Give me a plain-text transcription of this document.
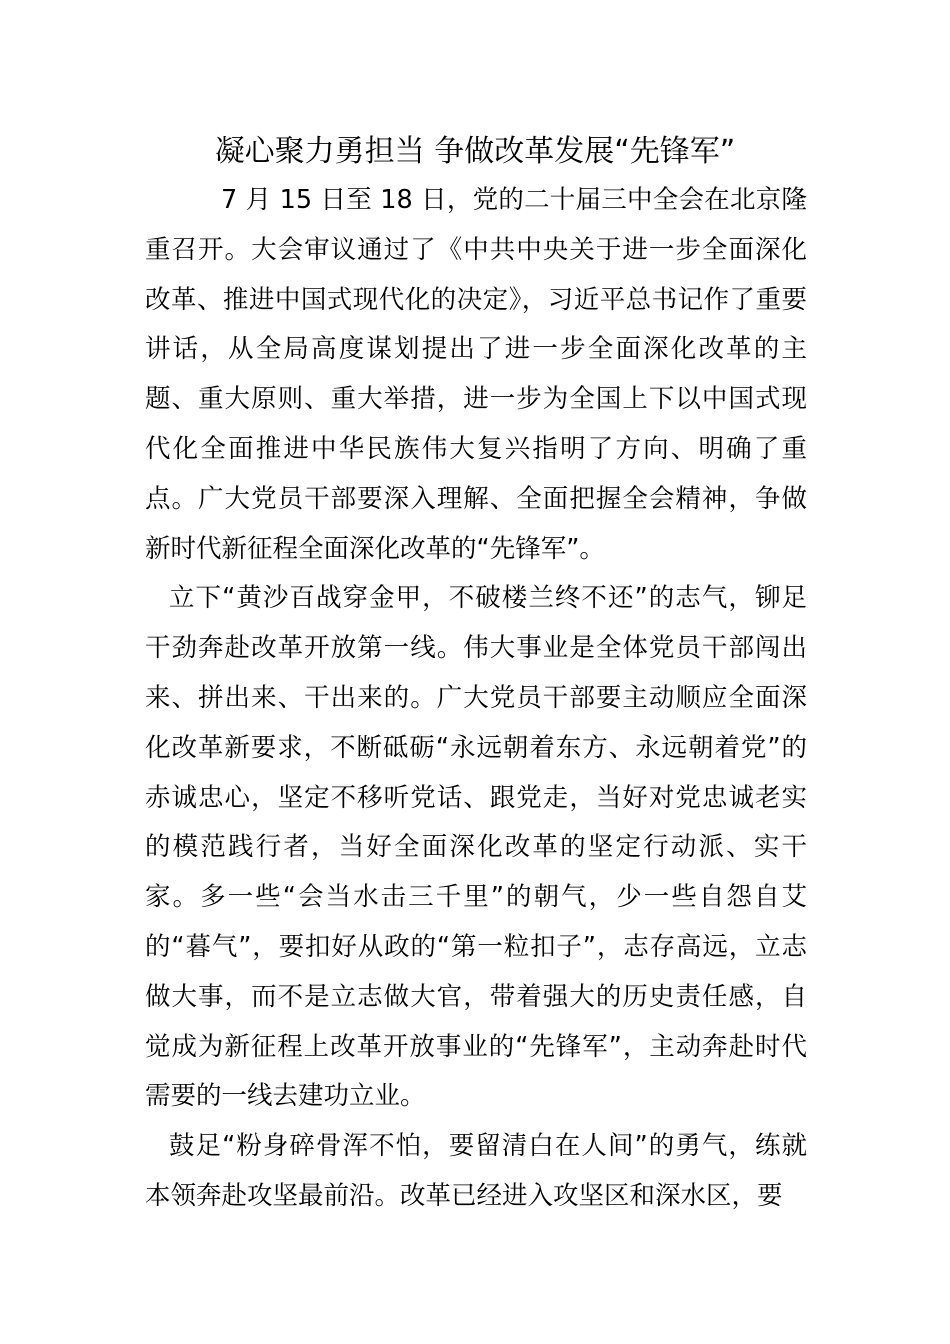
凝心聚力勇担当 争做改革发展“先锋军”

7 月 15 日至 18 日，党的二十届三中全会在北京隆重召开。大会审议通过了《中共中央关于进一步全面深化改革、推进中国式现代化的决定》，习近平总书记作了重要讲话，从全局高度谋划提出了进一步全面深化改革的主题、重大原则、重大举措，进一步为全国上下以中国式现代化全面推进中华民族伟大复兴指明了方向、明确了重点。广大党员干部要深入理解、全面把握全会精神，争做新时代新征程全面深化改革的“先锋军”。

立下“黄沙百战穿金甲，不破楼兰终不还”的志气，铆足干劲奔赴改革开放第一线。伟大事业是全体党员干部闯出来、拼出来、干出来的。广大党员干部要主动顺应全面深化改革新要求，不断砥砺“永远朝着东方、永远朝着党”的赤诚忠心，坚定不移听党话、跟党走，当好对党忠诚老实的模范践行者，当好全面深化改革的坚定行动派、实干家。多一些“会当水击三千里”的朝气，少一些自怨自艾的“暮气”，要扣好从政的“第一粒扣子”，志存高远，立志做大事，而不是立志做大官，带着强大的历史责任感，自觉成为新征程上改革开放事业的“先锋军”，主动奔赴时代需要的一线去建功立业。

鼓足“粉身碎骨浑不怕，要留清白在人间”的勇气，练就本领奔赴攻坚最前沿。改革已经进入攻坚区和深水区，要
